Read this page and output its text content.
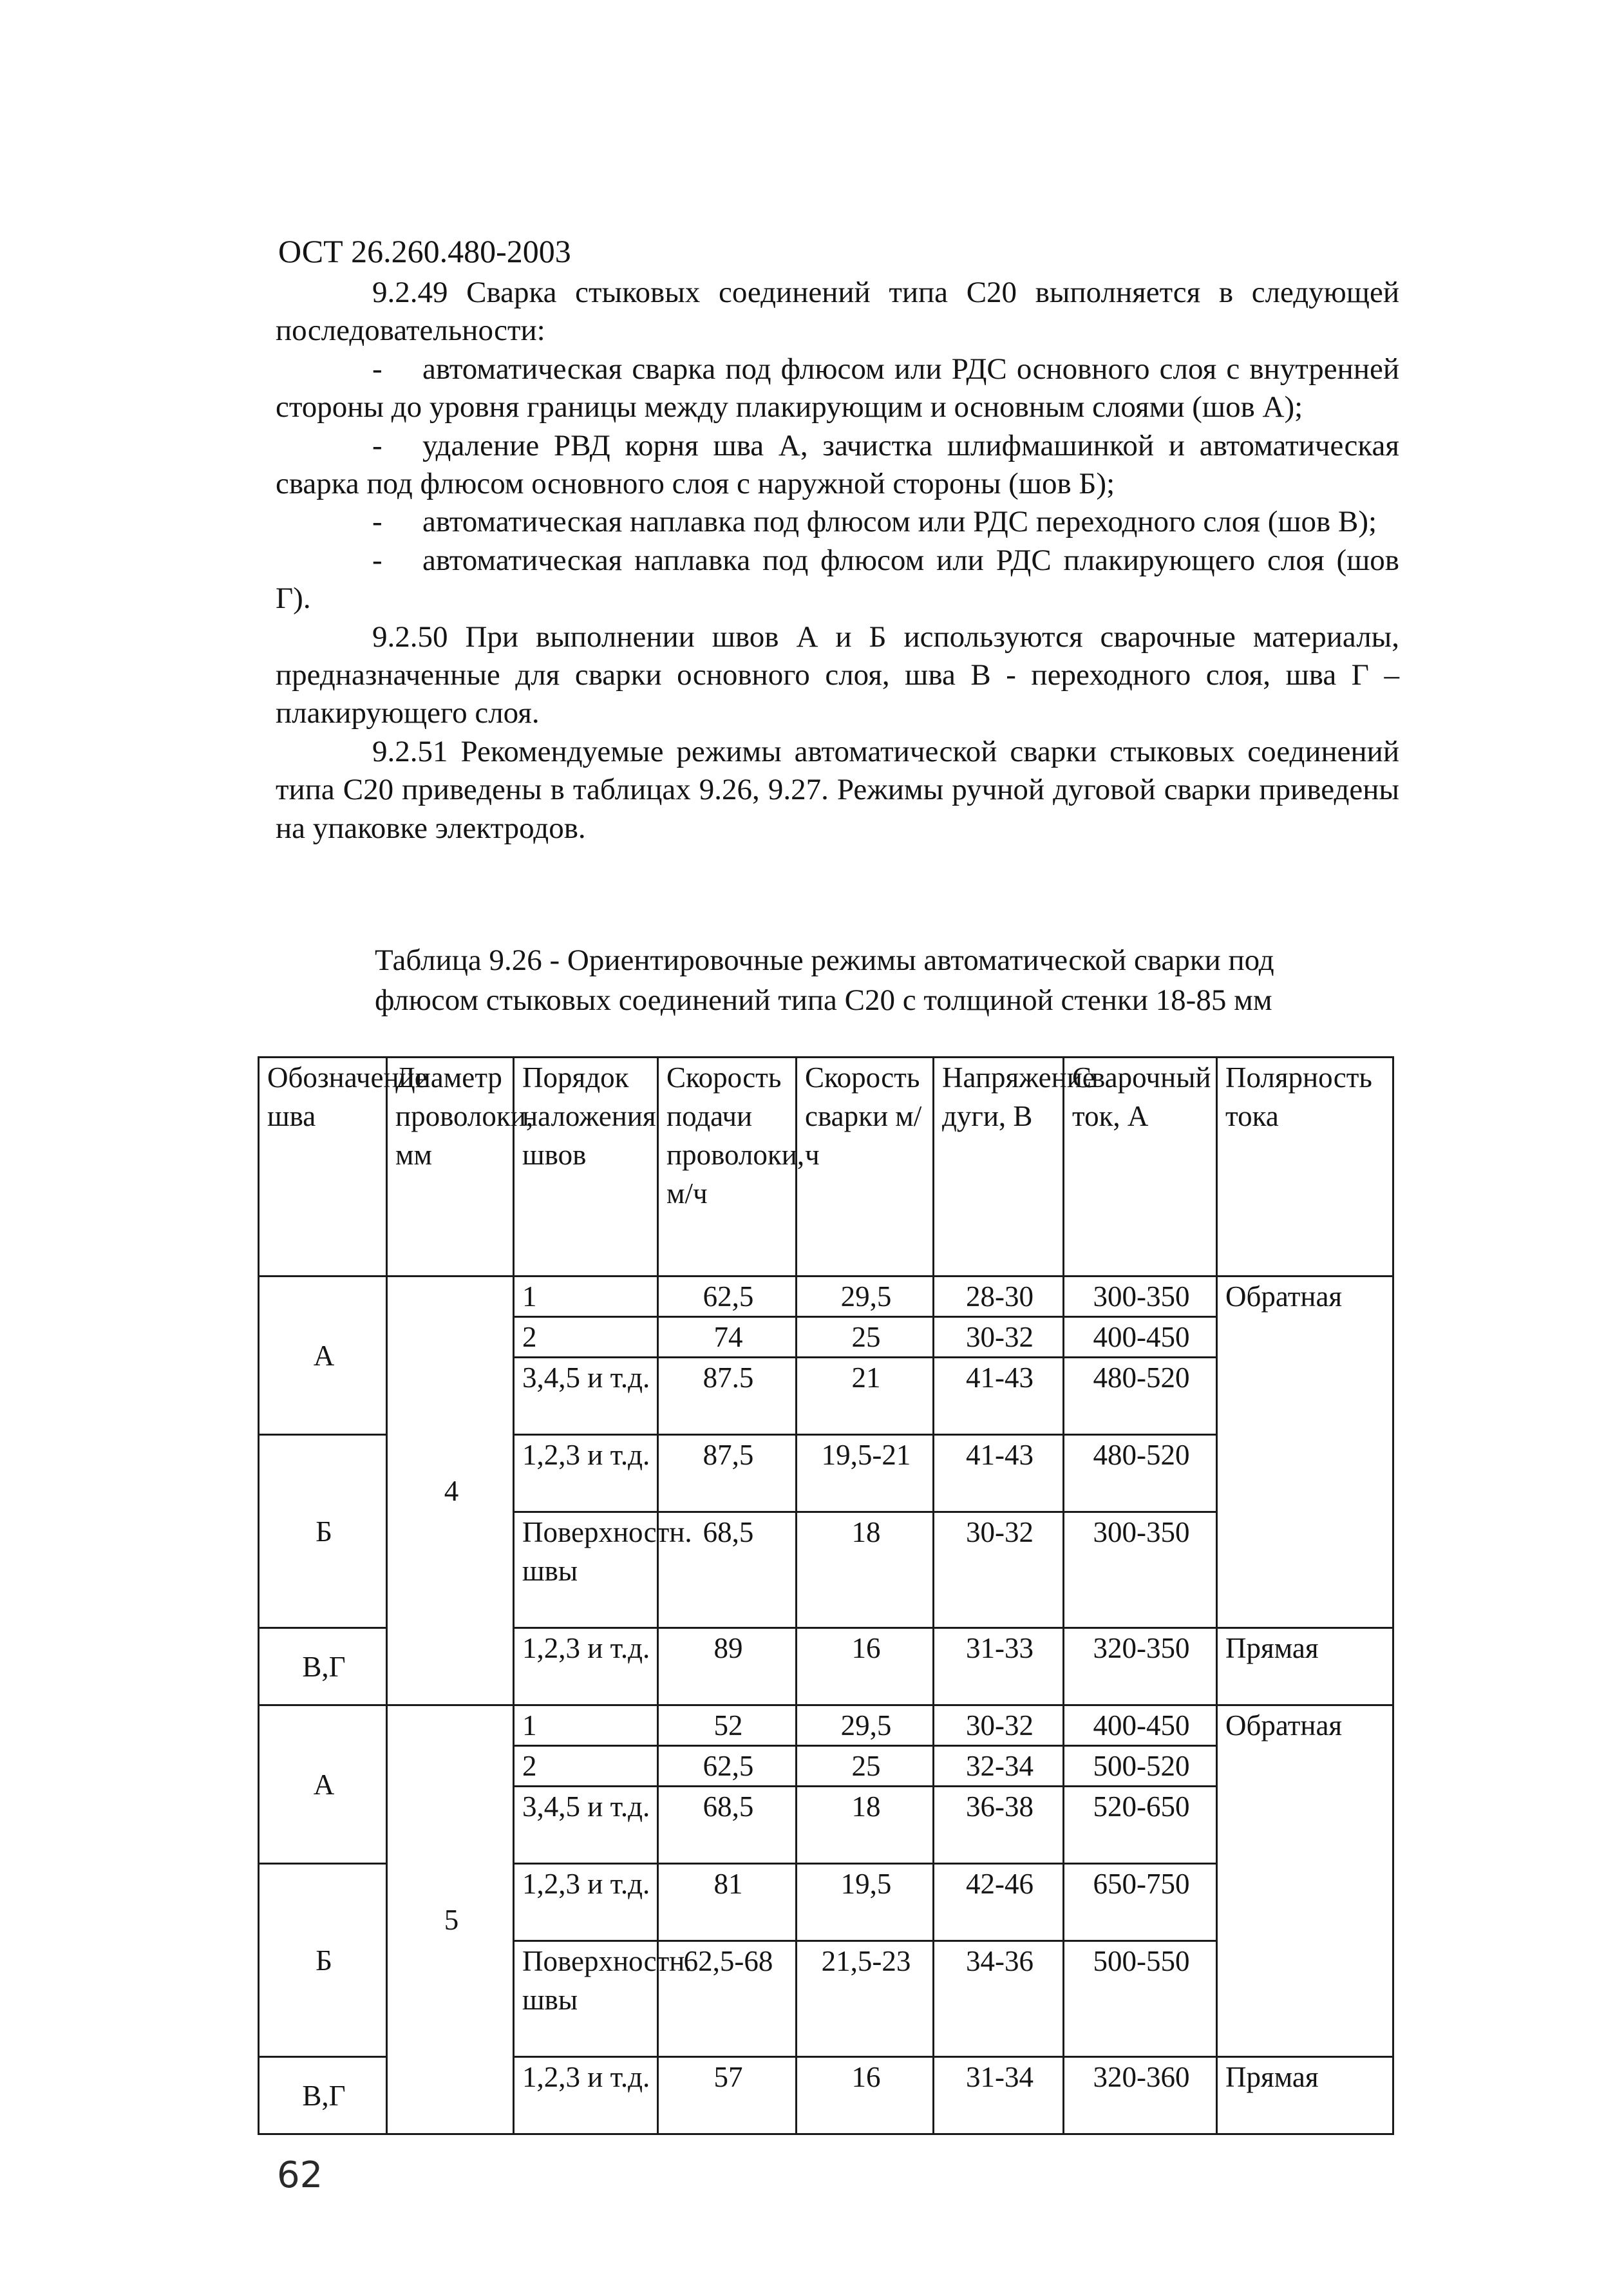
ОСТ 26.260.480-2003

9.2.49 Сварка стыковых соединений типа С20 выполняется в следующей последовательности:

- автоматическая сварка под флюсом или РДС основного слоя с внутренней стороны до уровня границы между плакирующим и основным слоями (шов А);

- удаление РВД корня шва А, зачистка шлифмашинкой и автоматическая сварка под флюсом основного слоя с наружной стороны (шов Б);

- автоматическая наплавка под флюсом или РДС переходного слоя (шов В);

- автоматическая наплавка под флюсом или РДС плакирующего слоя (шов Г).

9.2.50 При выполнении швов А и Б используются сварочные материалы, предназначенные для сварки основного слоя, шва В - переходного слоя, шва Г – плакирующего слоя.

9.2.51 Рекомендуемые режимы автоматической сварки стыковых соединений типа С20 приведены в таблицах 9.26, 9.27. Режимы ручной дуговой сварки приведены на упаковке электродов.

Таблица 9.26 - Ориентировочные режимы автоматической сварки под

флюсом стыковых соединений типа С20 с толщиной стенки 18-85 мм

Обозначение шва	Диаметр проволоки, мм	Порядок наложения швов	Скорость подачи проволоки, м/ч	Скорость сварки м/ч	Напряжение дуги, В	Сварочный ток, А	Полярность тока
А	4	1	62,5	29,5	28-30	300-350	Обратная
		2	74	25	30-32	400-450	
		3,4,5 и т.д.	87.5	21	41-43	480-520	
Б		1,2,3 и т.д.	87,5	19,5-21	41-43	480-520	
		Поверхностн. швы	68,5	18	30-32	300-350	
В,Г		1,2,3 и т.д.	89	16	31-33	320-350	Прямая
А	5	1	52	29,5	30-32	400-450	Обратная
		2	62,5	25	32-34	500-520	
		3,4,5 и т.д.	68,5	18	36-38	520-650	
Б		1,2,3 и т.д.	81	19,5	42-46	650-750	
		Поверхностн. швы	62,5-68	21,5-23	34-36	500-550	
В,Г		1,2,3 и т.д.	57	16	31-34	320-360	Прямая
62
